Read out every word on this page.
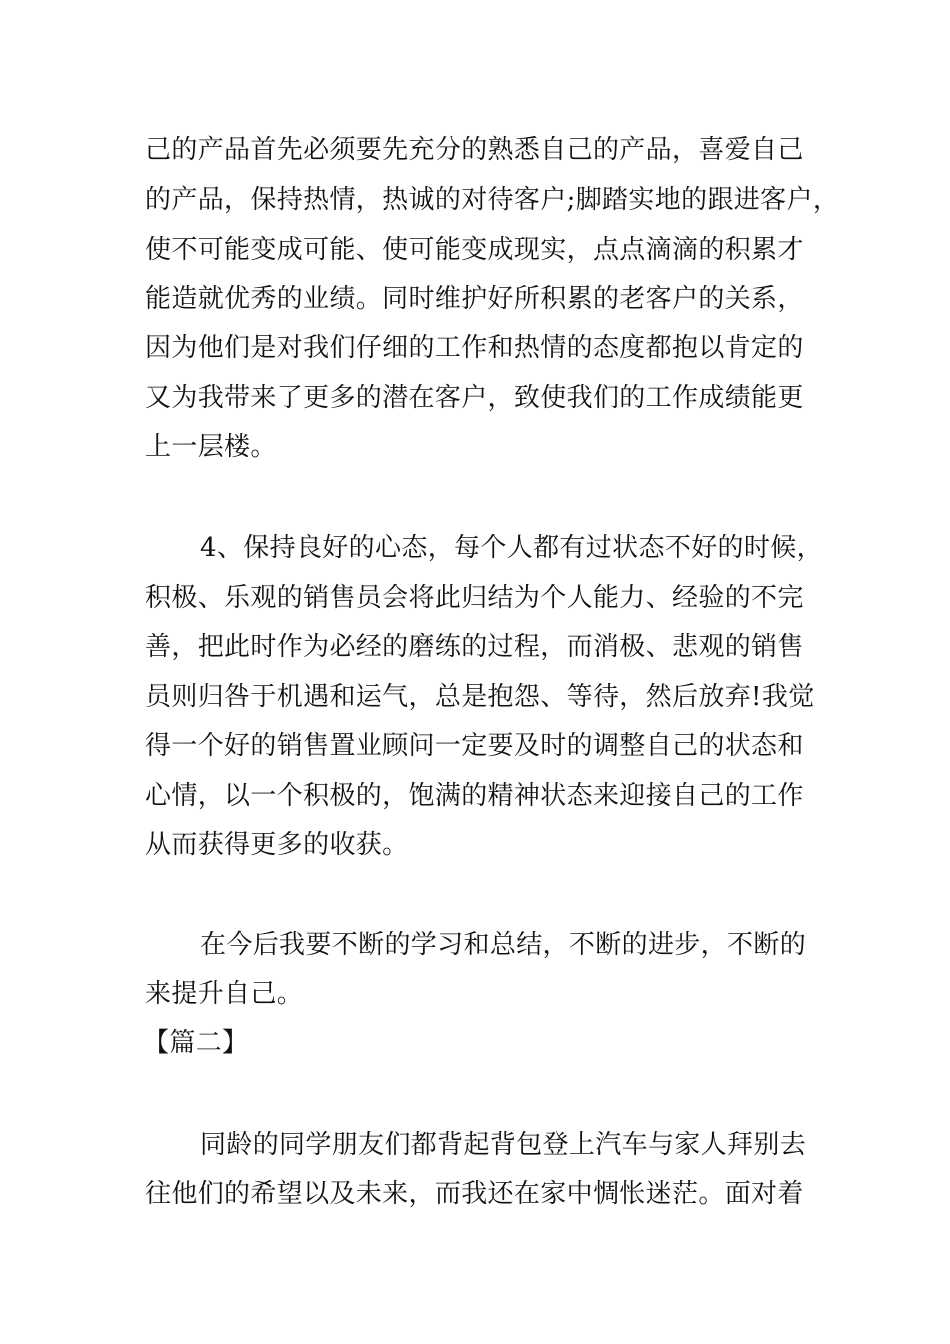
己的产品首先必须要先充分的熟悉自己的产品，喜爱自己
的产品，保持热情，热诚的对待客户;脚踏实地的跟进客户，
使不可能变成可能、使可能变成现实，点点滴滴的积累才
能造就优秀的业绩。同时维护好所积累的老客户的关系，
因为他们是对我们仔细的工作和热情的态度都抱以肯定的
又为我带来了更多的潜在客户，致使我们的工作成绩能更
上一层楼。
4、保持良好的心态，每个人都有过状态不好的时候，
积极、乐观的销售员会将此归结为个人能力、经验的不完
善，把此时作为必经的磨练的过程，而消极、悲观的销售
员则归咎于机遇和运气，总是抱怨、等待，然后放弃!我觉
得一个好的销售置业顾问一定要及时的调整自己的状态和
心情，以一个积极的，饱满的精神状态来迎接自己的工作
从而获得更多的收获。
在今后我要不断的学习和总结，不断的进步，不断的
来提升自己。
【篇二】
同龄的同学朋友们都背起背包登上汽车与家人拜别去
往他们的希望以及未来，而我还在家中惆怅迷茫。面对着
